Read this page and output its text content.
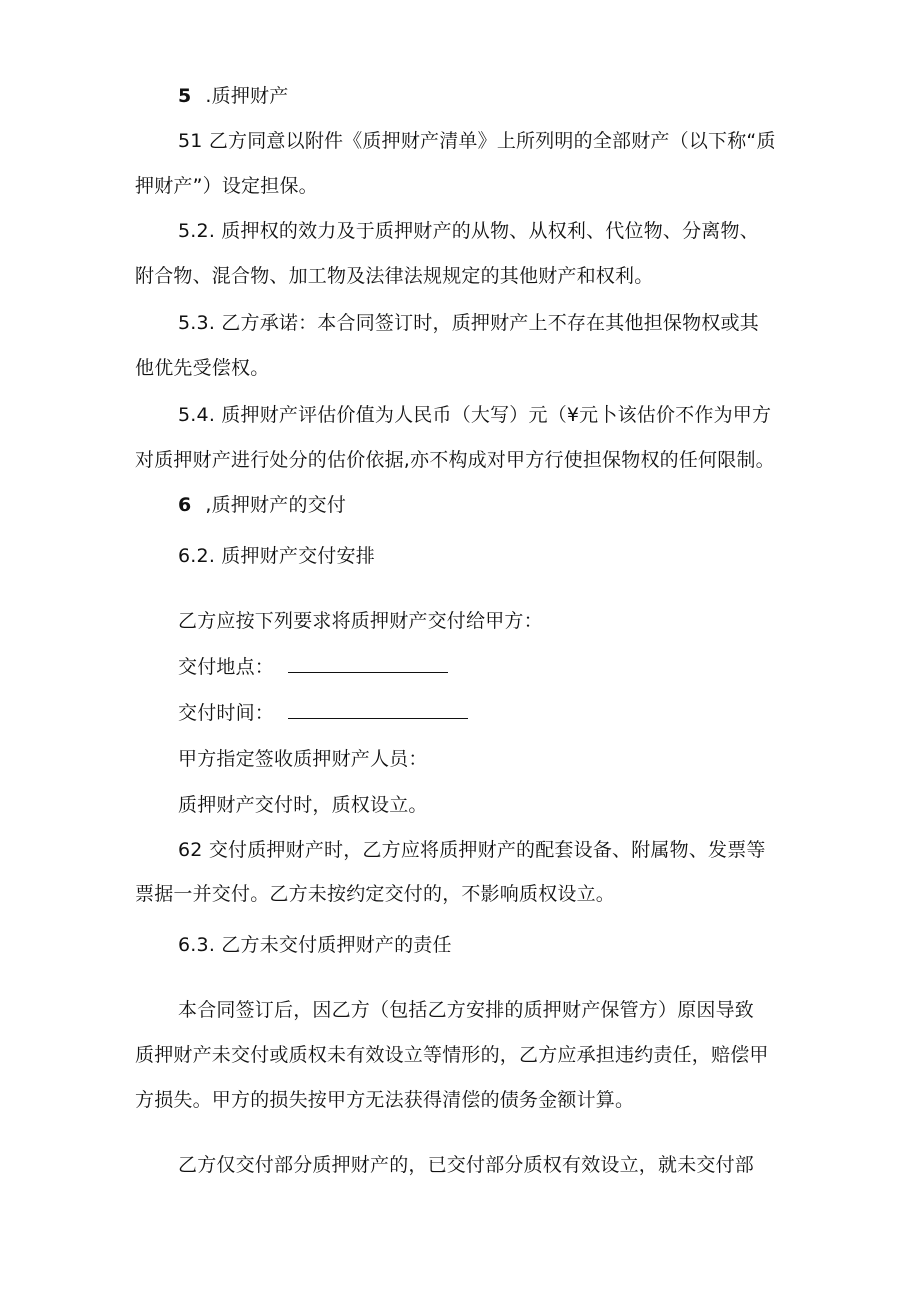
5 .质押财产
51 乙方同意以附件《质押财产清单》上所列明的全部财产（以下称“质
押财产”）设定担保。
5.2. 质押权的效力及于质押财产的从物、从权利、代位物、分离物、
附合物、混合物、加工物及法律法规规定的其他财产和权利。
5.3. 乙方承诺：本合同签订时，质押财产上不存在其他担保物权或其
他优先受偿权。
5.4. 质押财产评估价值为人民币（大写）元（¥元卜该估价不作为甲方
对质押财产进行处分的估价依据,亦不构成对甲方行使担保物权的任何限制。
6 ,质押财产的交付
6.2. 质押财产交付安排
乙方应按下列要求将质押财产交付给甲方：
交付地点：
交付时间：
甲方指定签收质押财产人员：
质押财产交付时，质权设立。
62 交付质押财产时，乙方应将质押财产的配套设备、附属物、发票等
票据一并交付。乙方未按约定交付的，不影响质权设立。
6.3. 乙方未交付质押财产的责任
本合同签订后，因乙方（包括乙方安排的质押财产保管方）原因导致
质押财产未交付或质权未有效设立等情形的，乙方应承担违约责任，赔偿甲
方损失。甲方的损失按甲方无法获得清偿的债务金额计算。
乙方仅交付部分质押财产的，已交付部分质权有效设立，就未交付部
